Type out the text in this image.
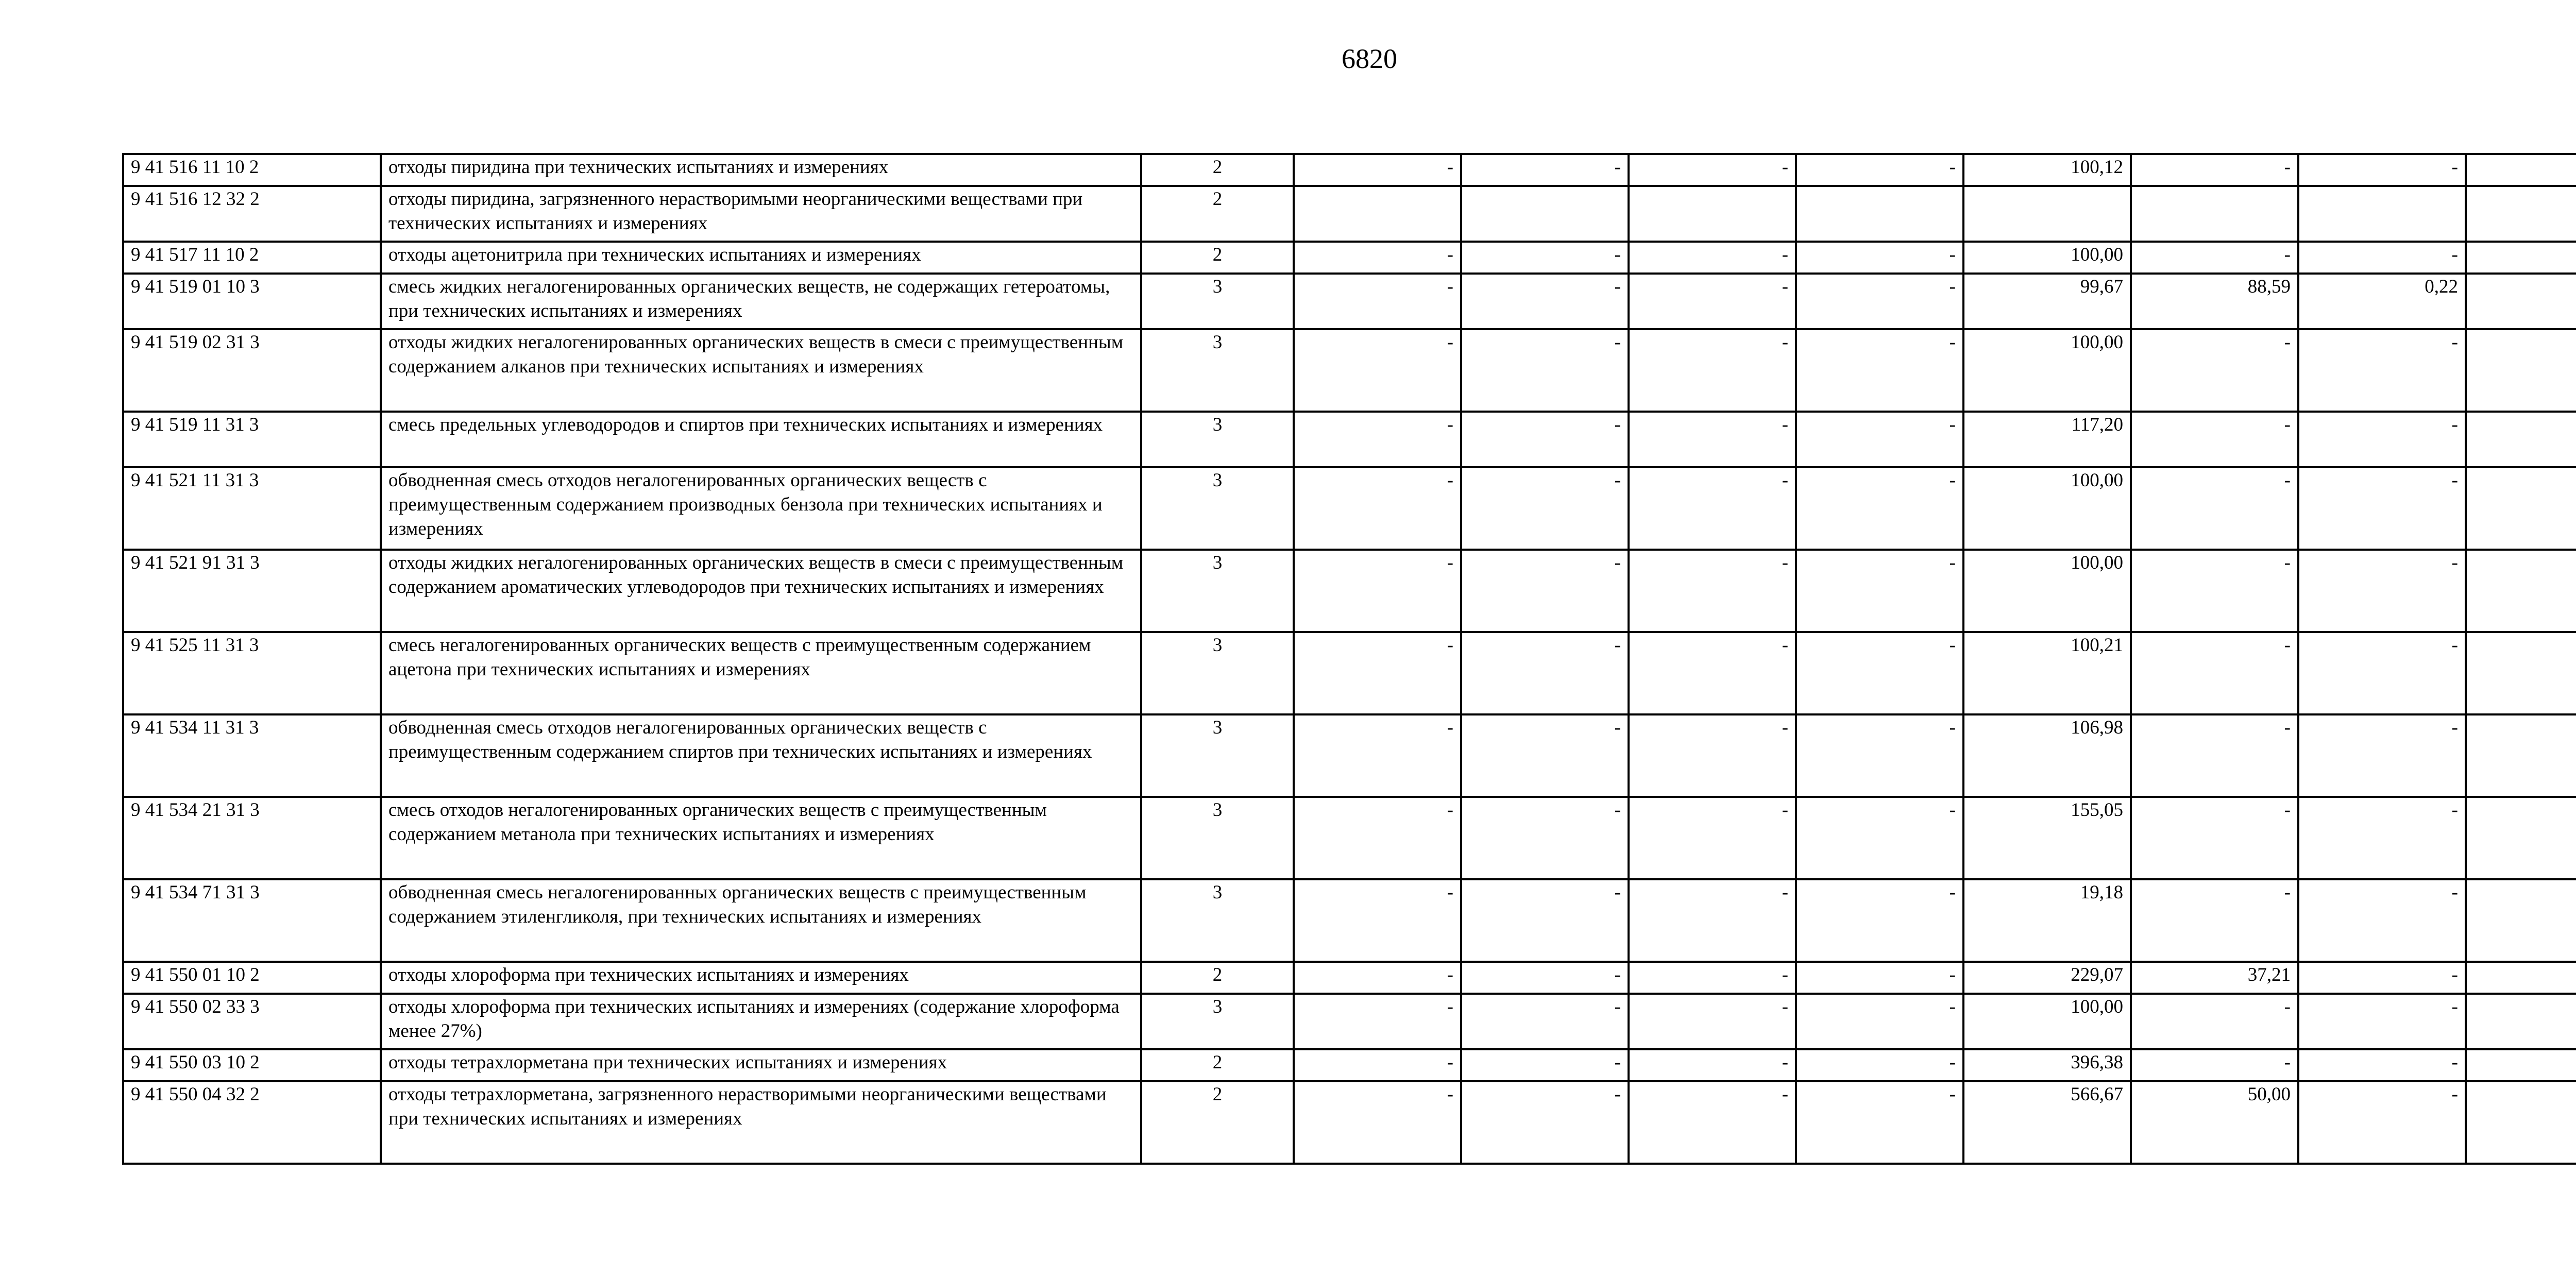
6820
9 41 516 11 10 2	отходы пиридина при технических испытаниях и измерениях	2	-	-	-	-	100,12	-	-	
9 41 516 12 32 2	отходы пиридина, загрязненного нерастворимыми неорганическими веществами при технических испытаниях и измерениях	2								
9 41 517 11 10 2	отходы ацетонитрила при технических испытаниях и измерениях	2	-	-	-	-	100,00	-	-	
9 41 519 01 10 3	смесь жидких негалогенированных органических веществ, не содержащих гетероатомы, при технических испытаниях и измерениях	3	-	-	-	-	99,67	88,59	0,22	
9 41 519 02 31 3	отходы жидких негалогенированных органических веществ в смеси с преимущественным содержанием алканов при технических испытаниях и измерениях	3	-	-	-	-	100,00	-	-	
9 41 519 11 31 3	смесь предельных углеводородов и спиртов при технических испытаниях и измерениях	3	-	-	-	-	117,20	-	-	
9 41 521 11 31 3	обводненная смесь отходов негалогенированных органических веществ с преимущественным содержанием производных бензола при технических испытаниях и измерениях	3	-	-	-	-	100,00	-	-	
9 41 521 91 31 3	отходы жидких негалогенированных органических веществ в смеси с преимущественным содержанием ароматических углеводородов при технических испытаниях и измерениях	3	-	-	-	-	100,00	-	-	
9 41 525 11 31 3	смесь негалогенированных органических веществ с преимущественным содержанием ацетона при технических испытаниях и измерениях	3	-	-	-	-	100,21	-	-	
9 41 534 11 31 3	обводненная смесь отходов негалогенированных органических веществ с преимущественным содержанием спиртов при технических испытаниях и измерениях	3	-	-	-	-	106,98	-	-	
9 41 534 21 31 3	смесь отходов негалогенированных органических веществ с преимущественным содержанием метанола при технических испытаниях и измерениях	3	-	-	-	-	155,05	-	-	
9 41 534 71 31 3	обводненная смесь негалогенированных органических веществ с преимущественным содержанием этиленгликоля, при технических испытаниях и измерениях	3	-	-	-	-	19,18	-	-	
9 41 550 01 10 2	отходы хлороформа при технических испытаниях и измерениях	2	-	-	-	-	229,07	37,21	-	
9 41 550 02 33 3	отходы хлороформа при технических испытаниях и измерениях (содержание хлороформа менее 27%)	3	-	-	-	-	100,00	-	-	
9 41 550 03 10 2	отходы тетрахлорметана при технических испытаниях и измерениях	2	-	-	-	-	396,38	-	-	
9 41 550 04 32 2	отходы тетрахлорметана, загрязненного нерастворимыми неорганическими веществами при технических испытаниях и измерениях	2	-	-	-	-	566,67	50,00	-	
